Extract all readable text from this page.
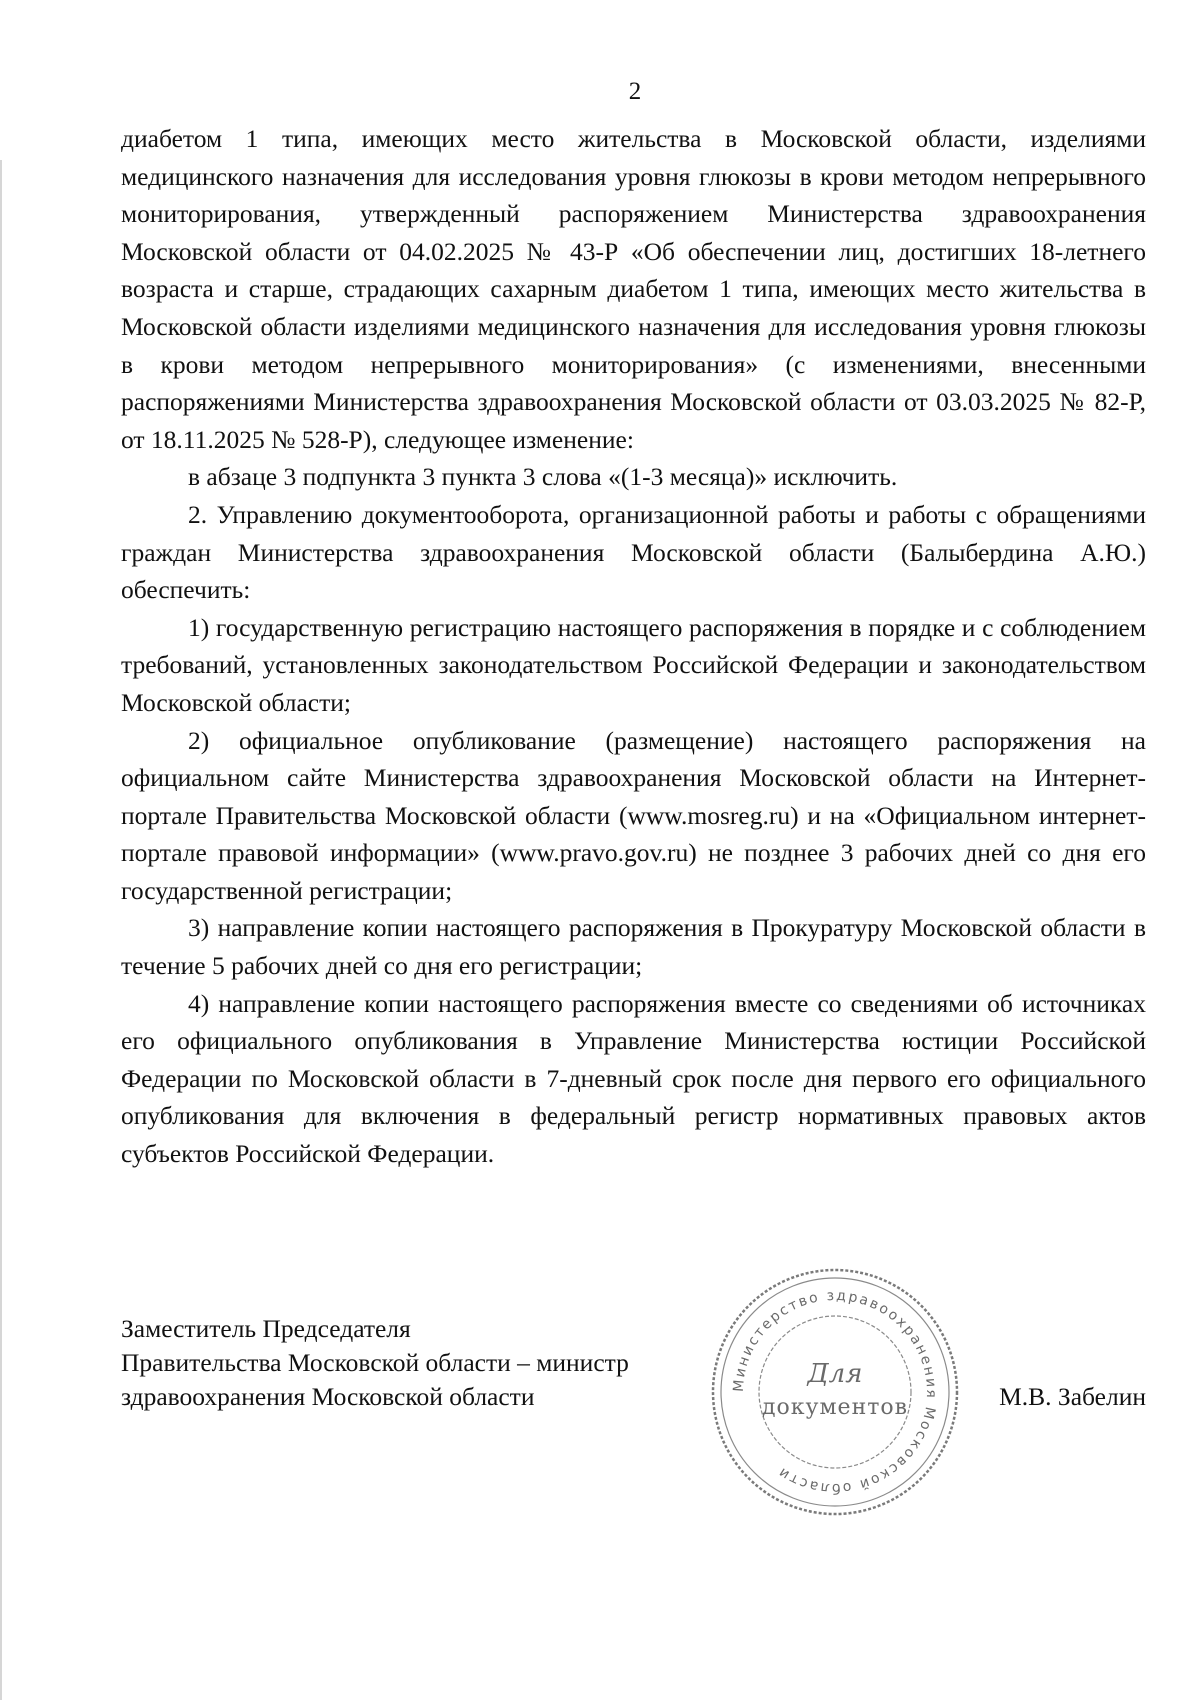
2

диабетом 1 типа, имеющих место жительства в Московской области, изделиями медицинского назначения для исследования уровня глюкозы в крови методом непрерывного мониторирования, утвержденный распоряжением Министерства здравоохранения Московской области от 04.02.2025 № 43-Р «Об обеспечении лиц, достигших 18-летнего возраста и старше, страдающих сахарным диабетом 1 типа, имеющих место жительства в Московской области изделиями медицинского назначения для исследования уровня глюкозы в крови методом непрерывного мониторирования» (с изменениями, внесенными распоряжениями Министерства здравоохранения Московской области от 03.03.2025 № 82-Р, от 18.11.2025 № 528-Р), следующее изменение:

в абзаце 3 подпункта 3 пункта 3 слова «(1-3 месяца)» исключить.

2. Управлению документооборота, организационной работы и работы с обращениями граждан Министерства здравоохранения Московской области (Балыбердина А.Ю.) обеспечить:

1) государственную регистрацию настоящего распоряжения в порядке и с соблюдением требований, установленных законодательством Российской Федерации и законодательством Московской области;

2) официальное опубликование (размещение) настоящего распоряжения на официальном сайте Министерства здравоохранения Московской области на Интернет-портале Правительства Московской области (www.mosreg.ru) и на «Официальном интернет-портале правовой информации» (www.pravo.gov.ru) не позднее 3 рабочих дней со дня его государственной регистрации;

3) направление копии настоящего распоряжения в Прокуратуру Московской области в течение 5 рабочих дней со дня его регистрации;

4) направление копии настоящего распоряжения вместе со сведениями об источниках его официального опубликования в Управление Министерства юстиции Российской Федерации по Московской области в 7-дневный срок после дня первого его официального опубликования для включения в федеральный регистр нормативных правовых актов субъектов Российской Федерации.

Заместитель Председателя
Правительства Московской области – министр
здравоохранения Московской области	М.В. Забелин
Министерство здравоохранения Московской области
Для
документов
